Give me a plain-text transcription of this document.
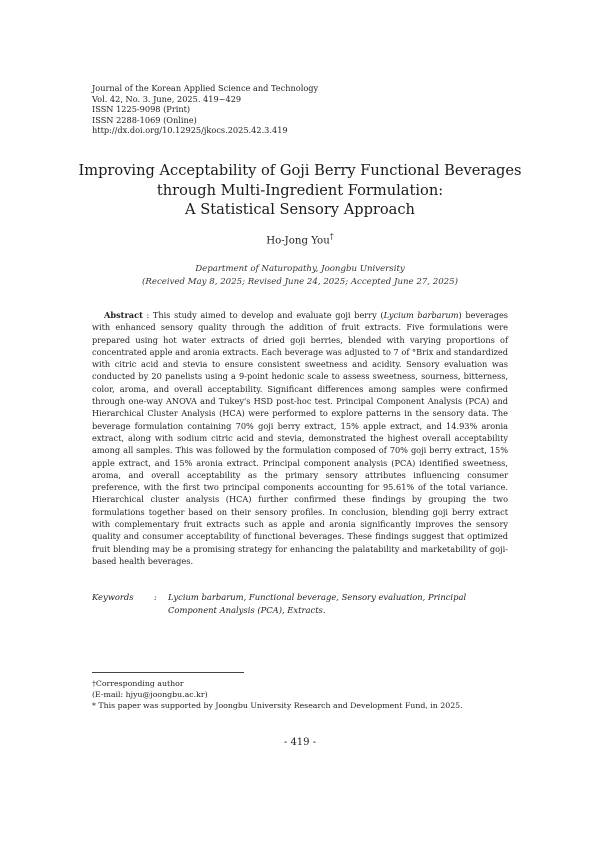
Journal of the Korean Applied Science and Technology
Vol. 42, No. 3. June, 2025. 419~429
ISSN 1225-9098 (Print)
ISSN 2288-1069 (Online)
http://dx.doi.org/10.12925/jkocs.2025.42.3.419
Improving Acceptability of Goji Berry Functional Beverages
through Multi-Ingredient Formulation:
A Statistical Sensory Approach
Ho-Jong You†
Department of Naturopathy, Joongbu University
(Received May 8, 2025; Revised June 24, 2025; Accepted June 27, 2025)
Abstract : This study aimed to develop and evaluate goji berry (Lycium barbarum) beverages with enhanced sensory quality through the addition of fruit extracts. Five formulations were prepared using hot water extracts of dried goji berries, blended with varying proportions of concentrated apple and aronia extracts. Each beverage was adjusted to 7 of °Brix and standardized with citric acid and stevia to ensure consistent sweetness and acidity. Sensory evaluation was conducted by 20 panelists using a 9-point hedonic scale to assess sweetness, sourness, bitterness, color, aroma, and overall acceptability. Significant differences among samples were confirmed through one-way ANOVA and Tukey's HSD post-hoc test. Principal Component Analysis (PCA) and Hierarchical Cluster Analysis (HCA) were performed to explore patterns in the sensory data. The beverage formulation containing 70% goji berry extract, 15% apple extract, and 14.93% aronia extract, along with sodium citric acid and stevia, demonstrated the highest overall acceptability among all samples. This was followed by the formulation composed of 70% goji berry extract, 15% apple extract, and 15% aronia extract. Principal component analysis (PCA) identified sweetness, aroma, and overall acceptability as the primary sensory attributes influencing consumer preference, with the first two principal components accounting for 95.61% of the total variance. Hierarchical cluster analysis (HCA) further confirmed these findings by grouping the two formulations together based on their sensory profiles. In conclusion, blending goji berry extract with complementary fruit extracts such as apple and aronia significantly improves the sensory quality and consumer acceptability of functional beverages. These findings suggest that optimized fruit blending may be a promising strategy for enhancing the palatability and marketability of goji-based health beverages.
Keywords	:	Lycium barbarum, Functional beverage, Sensory evaluation, Principal Component Analysis (PCA), Extracts.
†Corresponding author
(E-mail: hjyu@joongbu.ac.kr)
* This paper was supported by Joongbu University Research and Development Fund, in 2025.
- 419 -
